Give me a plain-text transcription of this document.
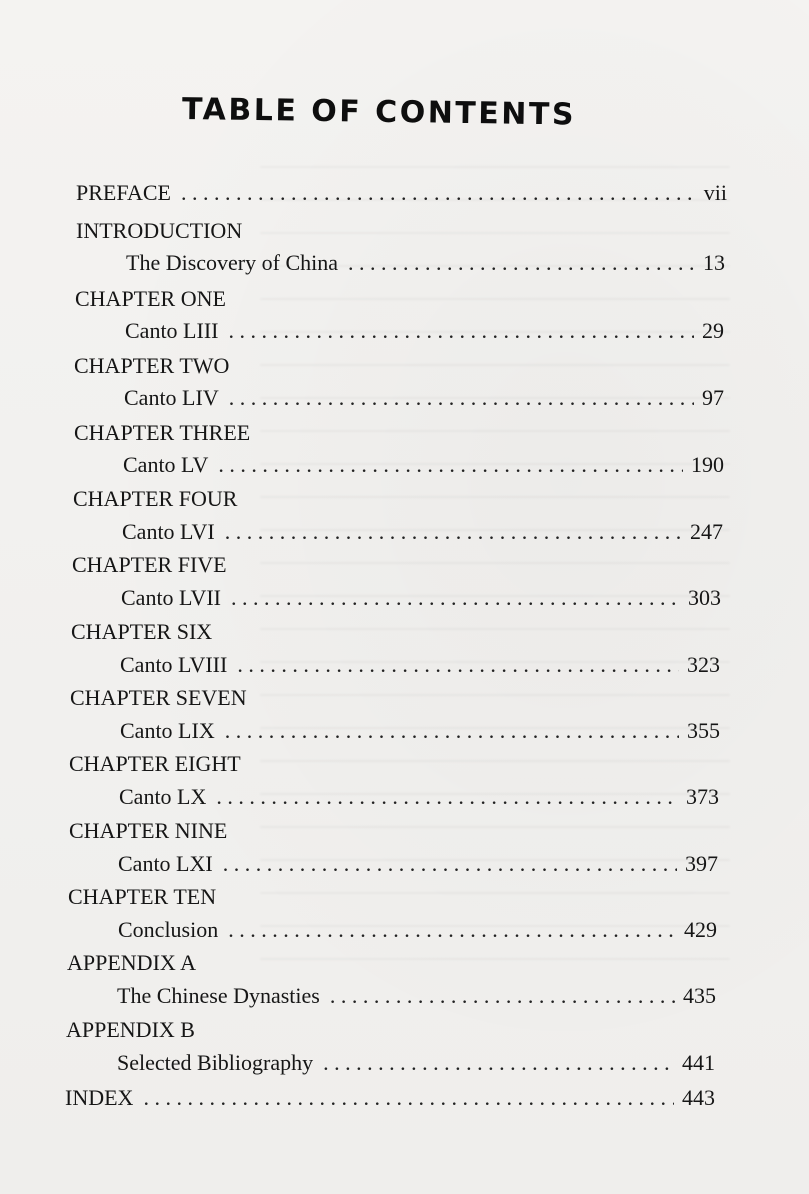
TABLE OF CONTENTS
PREFACE . . .	vii
INTRODUCTION
The Discovery of China . . .	13
CHAPTER ONE
Canto LIII . . .	29
CHAPTER TWO
Canto LIV . . .	97
CHAPTER THREE
Canto LV . . .	190
CHAPTER FOUR
Canto LVI . . .	247
CHAPTER FIVE
Canto LVII . . .	303
CHAPTER SIX
Canto LVIII . . .	323
CHAPTER SEVEN
Canto LIX . . .	355
CHAPTER EIGHT
Canto LX . . .	373
CHAPTER NINE
Canto LXI . . .	397
CHAPTER TEN
Conclusion . . .	429
APPENDIX A
The Chinese Dynasties . . .	435
APPENDIX B
Selected Bibliography . . .	441
INDEX . . .	443
